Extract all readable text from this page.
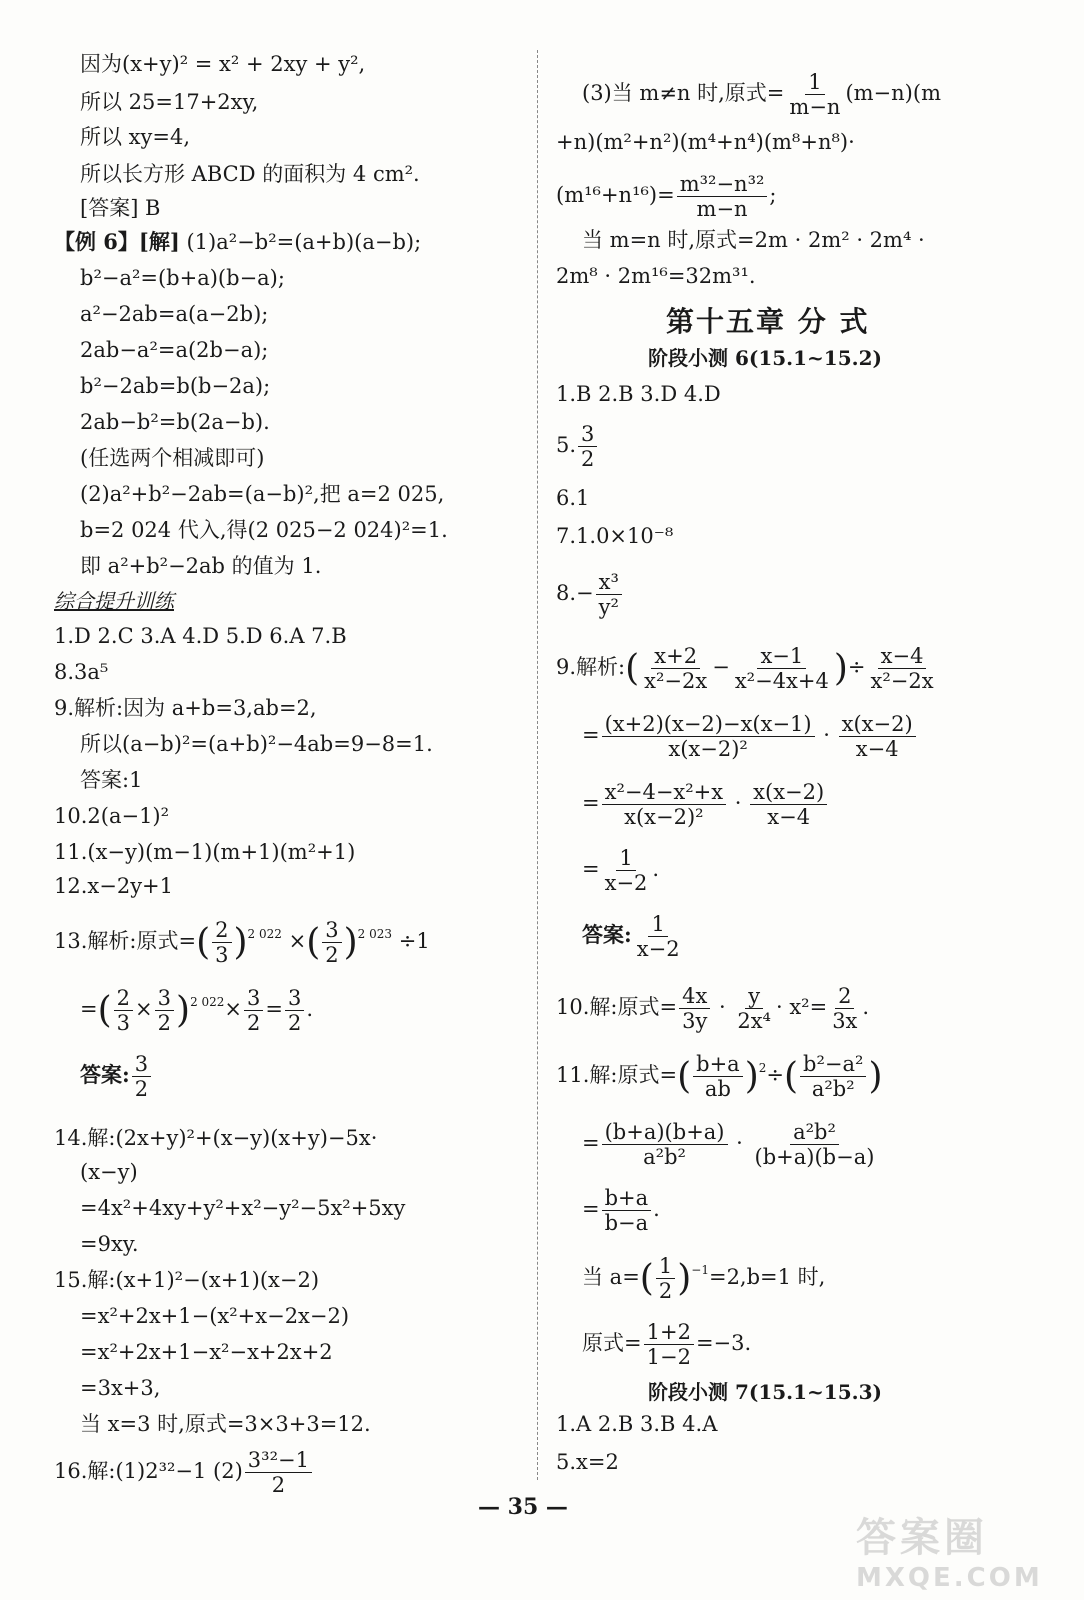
因为(x+y)² = x² + 2xy + y²,
所以 25=17+2xy,
所以 xy=4,
所以长方形 ABCD 的面积为 4 cm².
[答案] B
【例 6】[解] (1)a²−b²=(a+b)(a−b);
b²−a²=(b+a)(b−a);
a²−2ab=a(a−2b);
2ab−a²=a(2b−a);
b²−2ab=b(b−2a);
2ab−b²=b(2a−b).
(任选两个相减即可)
(2)a²+b²−2ab=(a−b)²,把 a=2 025,
b=2 024 代入,得(2 025−2 024)²=1.
即 a²+b²−2ab 的值为 1.
综合提升训练
1.D 2.C 3.A 4.D 5.D 6.A 7.B
8.3a⁵
9.解析:因为 a+b=3,ab=2,
所以(a−b)²=(a+b)²−4ab=9−8=1.
答案:1
10.2(a−1)²
11.(x−y)(m−1)(m+1)(m²+1)
12.x−2y+1
13.解析:原式=( $\frac{2}{3} )^{2 022}$ ×( $\frac{3}{2} )^{2 023} \div 1$
=( $\frac{2}{3} \times \frac{3}{2} )^{2 022}\times \frac{3}{2} = \frac{3}{2}$ .
答案: $\frac{3}{2}$
14.解:(2x+y)²+(x−y)(x+y)−5x·
(x−y)
=4x²+4xy+y²+x²−y²−5x²+5xy
=9xy.
15.解:(x+1)²−(x+1)(x−2)
=x²+2x+1−(x²+x−2x−2)
=x²+2x+1−x²−x+2x+2
=3x+3,
当 x=3 时,原式=3×3+3=12.
16.解:(1)2³²−1 $(2) \frac{\text{3³²−1}}{2}$
(3)当 m≠n 时,原式= $\frac{1}{m-n} (m-n)(m$
+n)(m²+n²)(m⁴+n⁴)(m⁸+n⁸)·
$(m^{16}+n^{16})= \frac{\text{m³²−n³²}}{m-n}$ ;
当 m=n 时,原式=2m · 2m² · 2m⁴ ·
2m⁸ · 2m¹⁶=32m³¹.
第十五章 分 式
阶段小测 6(15.1~15.2)
1.B 2.B 3.D 4.D
5. $\frac{3}{2}$
6.1
7.1.0×10⁻⁸
$8.- \frac{\text{x³}}{\text{y²}}$
9.解析:( $\frac{x+2}{\text{x²−2x}} - \frac{x-1}{\text{x²−4x+4}}$ )÷ $\frac{x-4}{\text{x²−2x}}$
= $\frac{(x+2)(x-2)-x(x-1)}{\text{x(x−2)²}} \cdot \frac{x(x-2)}{x-4}$
= $\frac{\text{x²−4−x²+x}}{\text{x(x−2)²}} \cdot \frac{x(x-2)}{x-4}$
= $\frac{1}{x-2}$ .
答案: $\frac{1}{x-2}$
10.解:原式= $\frac{4x}{3y} \cdot \frac{y}{\text{2x⁴}} \cdot x^2= \frac{2}{3x}$ .
11.解:原式=( $\frac{b+a}{ab} )^2\div( \frac{\text{b²−a²}}{\text{a²b²}}$ )
= $\frac{(b+a)(b+a)}{\text{a²b²}} \cdot \frac{\text{a²b²}}{(b+a)(b-a)}$
= $\frac{b+a}{b-a}$ .
当 $a=( \frac{1}{2} )^{-1}=2,b=1$ 时,
原式= $\frac{1+2}{1-2} =-3$.
阶段小测 7(15.1~15.3)
1.A 2.B 3.B 4.A
5.x=2
— 35 —
答案圈
MXQE.COM
